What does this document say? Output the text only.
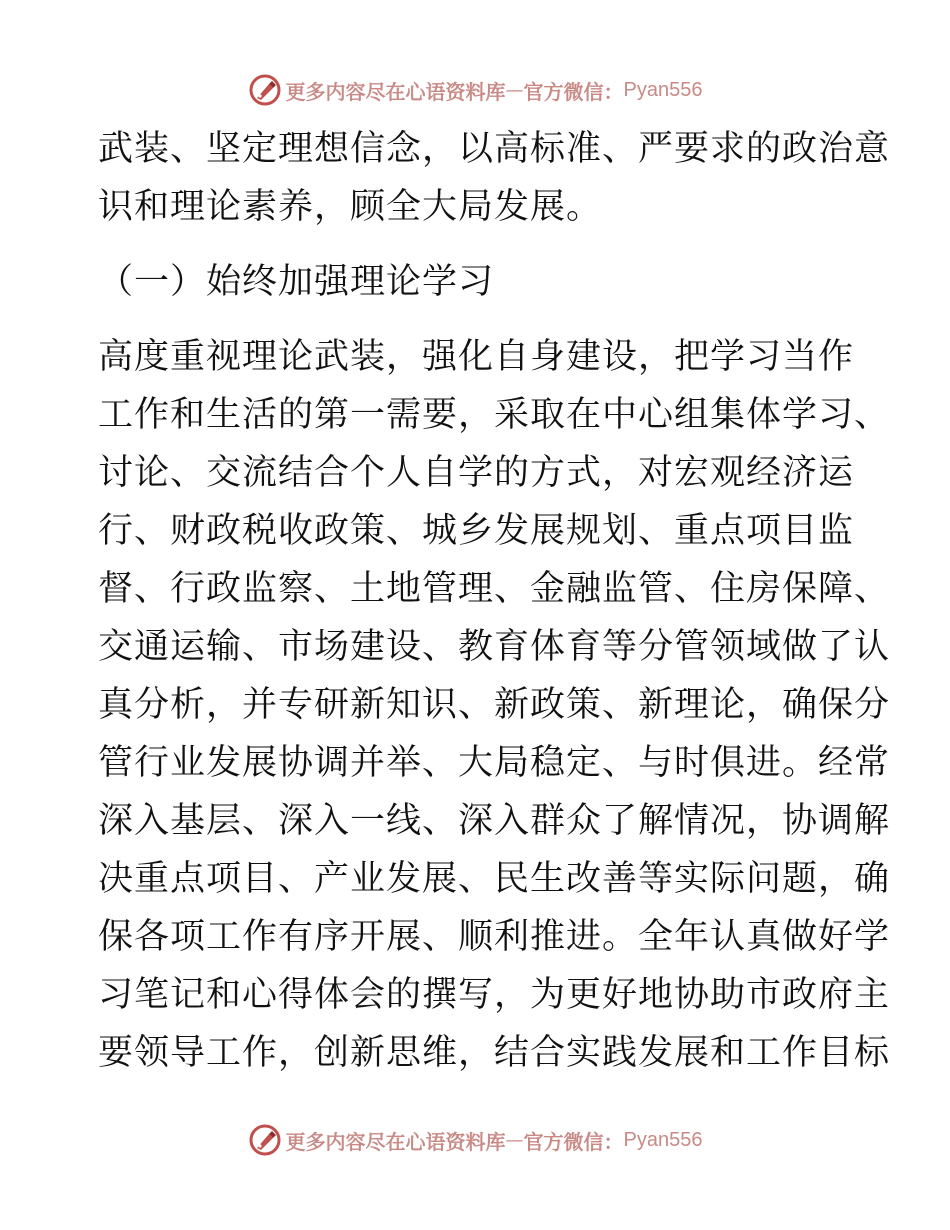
更多内容尽在心语资料库 — 官方微信： Pyan556
武装、坚定理想信念，以高标准、严要求的政治意
识和理论素养，顾全大局发展。
（一）始终加强理论学习
高度重视理论武装，强化自身建设，把学习当作
工作和生活的第一需要，采取在中心组集体学习、
讨论、交流结合个人自学的方式，对宏观经济运
行、财政税收政策、城乡发展规划、重点项目监
督、行政监察、土地管理、金融监管、住房保障、
交通运输、市场建设、教育体育等分管领域做了认
真分析，并专研新知识、新政策、新理论，确保分
管行业发展协调并举、大局稳定、与时俱进。经常
深入基层、深入一线、深入群众了解情况，协调解
决重点项目、产业发展、民生改善等实际问题，确
保各项工作有序开展、顺利推进。全年认真做好学
习笔记和心得体会的撰写，为更好地协助市政府主
要领导工作，创新思维，结合实践发展和工作目标
更多内容尽在心语资料库 — 官方微信： Pyan556
